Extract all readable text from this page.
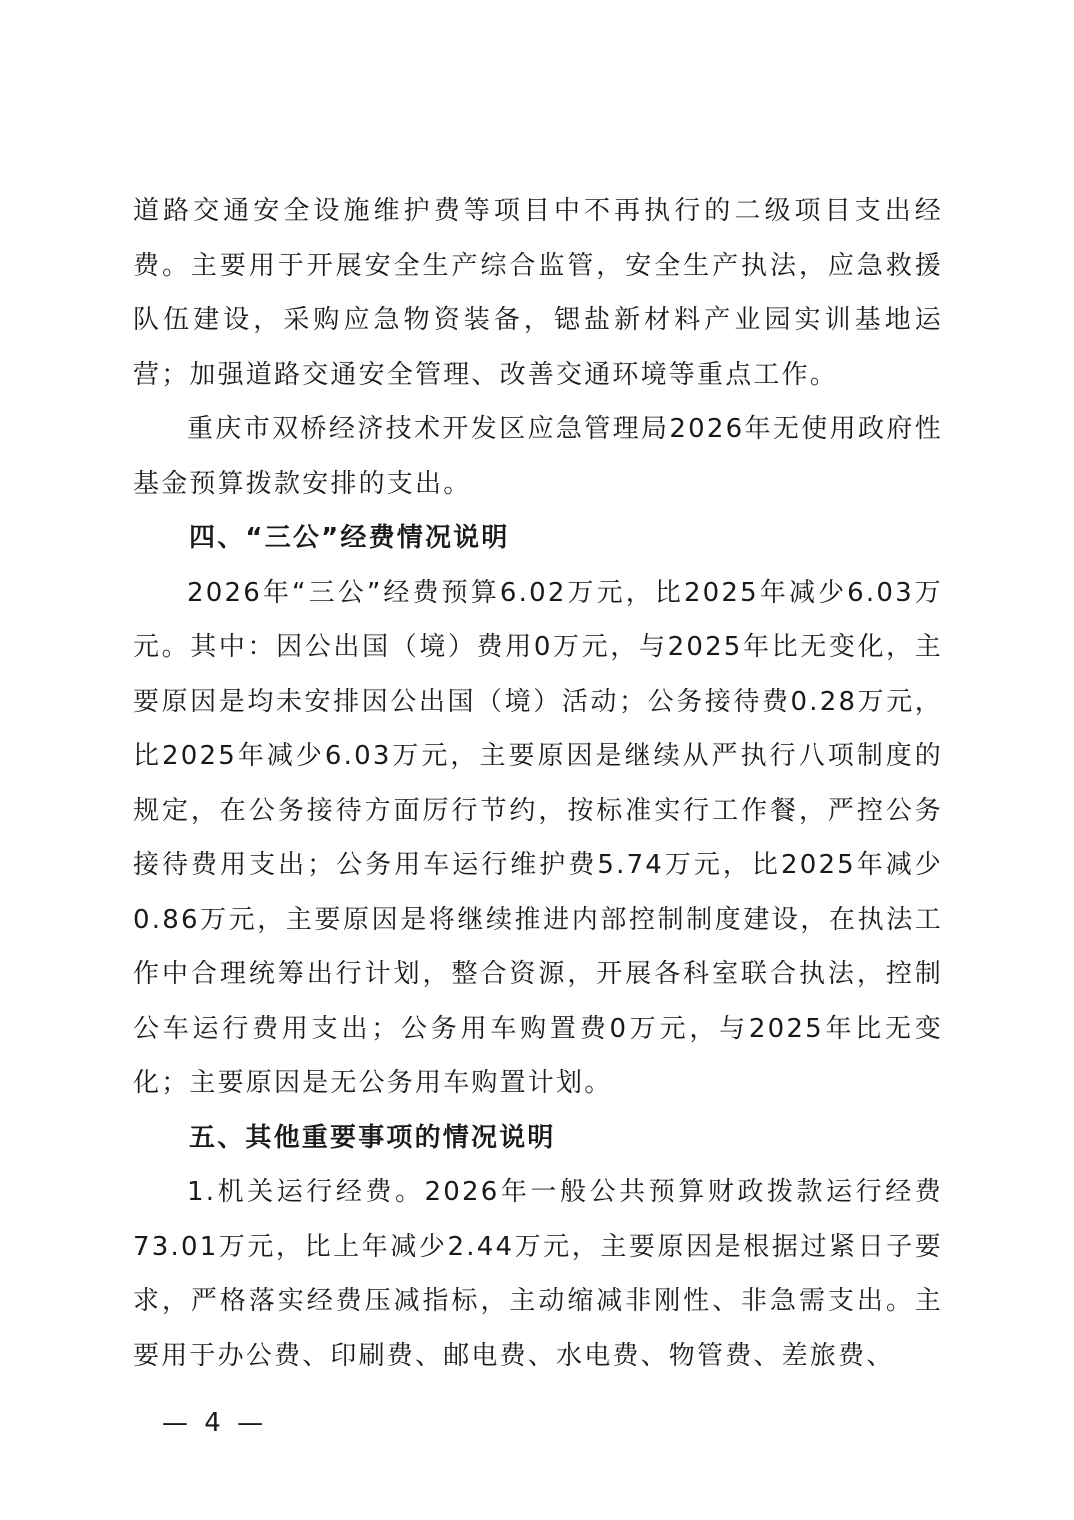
道路交通安全设施维护费等项目中不再执行的二级项目支出经费。主要用于开展安全生产综合监管，安全生产执法，应急救援队伍建设，采购应急物资装备，锶盐新材料产业园实训基地运营；加强道路交通安全管理、改善交通环境等重点工作。

重庆市双桥经济技术开发区应急管理局2026年无使用政府性基金预算拨款安排的支出。

四、“三公”经费情况说明

2026年“三公”经费预算6.02万元，比2025年减少6.03万元。其中：因公出国（境）费用0万元，与2025年比无变化，主要原因是均未安排因公出国（境）活动；公务接待费0.28万元，比2025年减少6.03万元，主要原因是继续从严执行八项制度的规定，在公务接待方面厉行节约，按标准实行工作餐，严控公务接待费用支出；公务用车运行维护费5.74万元，比2025年减少0.86万元，主要原因是将继续推进内部控制制度建设，在执法工作中合理统筹出行计划，整合资源，开展各科室联合执法，控制公车运行费用支出；公务用车购置费0万元，与2025年比无变化；主要原因是无公务用车购置计划。

五、其他重要事项的情况说明

1.机关运行经费。2026年一般公共预算财政拨款运行经费73.01万元，比上年减少2.44万元，主要原因是根据过紧日子要求，严格落实经费压减指标，主动缩减非刚性、非急需支出。主要用于办公费、印刷费、邮电费、水电费、物管费、差旅费、

— 4 —
